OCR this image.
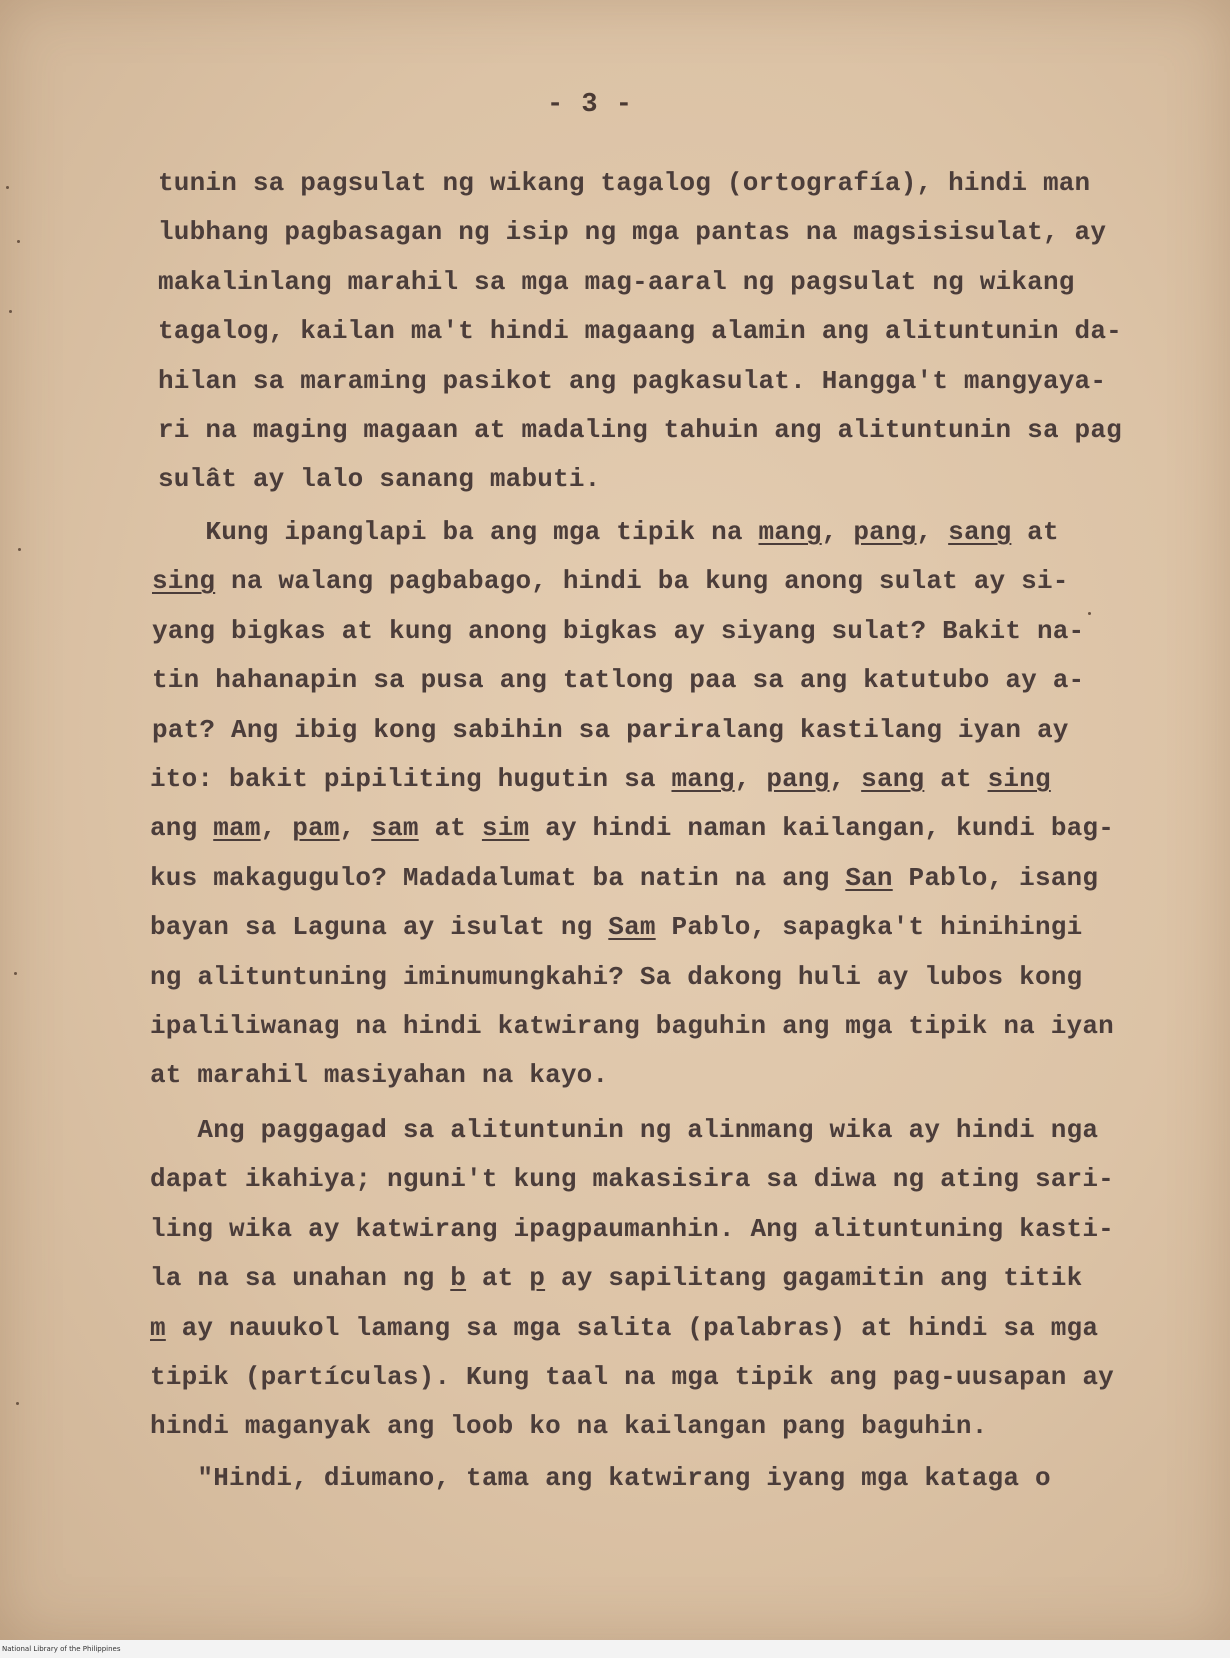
- 3 -
tunin sa pagsulat ng wikang tagalog (ortografía), hindi man
lubhang pagbasagan ng isip ng mga pantas na magsisisulat, ay
makalinlang marahil sa mga mag-aaral ng pagsulat ng wikang
tagalog, kailan ma't hindi magaang alamin ang alituntunin da-
hilan sa maraming pasikot ang pagkasulat. Hangga't mangyaya-
ri na maging magaan at madaling tahuin ang alituntunin sa pag
sulât ay lalo sanang mabuti.
Kung ipanglapi ba ang mga tipik na mang, pang, sang at
sing na walang pagbabago, hindi ba kung anong sulat ay si-
yang bigkas at kung anong bigkas ay siyang sulat? Bakit na-
tin hahanapin sa pusa ang tatlong paa sa ang katutubo ay a-
pat? Ang ibig kong sabihin sa pariralang kastilang iyan ay
ito: bakit pipiliting hugutin sa mang, pang, sang at sing
ang mam, pam, sam at sim ay hindi naman kailangan, kundi bag-
kus makagugulo? Madadalumat ba natin na ang San Pablo, isang
bayan sa Laguna ay isulat ng Sam Pablo, sapagka't hinihingi
ng alituntuning iminumungkahi? Sa dakong huli ay lubos kong
ipaliliwanag na hindi katwirang baguhin ang mga tipik na iyan
at marahil masiyahan na kayo.
Ang paggagad sa alituntunin ng alinmang wika ay hindi nga
dapat ikahiya; nguni't kung makasisira sa diwa ng ating sari-
ling wika ay katwirang ipagpaumanhin. Ang alituntuning kasti-
la na sa unahan ng b at p ay sapilitang gagamitin ang titik
m ay nauukol lamang sa mga salita (palabras) at hindi sa mga
tipik (partículas). Kung taal na mga tipik ang pag-uusapan ay
hindi maganyak ang loob ko na kailangan pang baguhin.
"Hindi, diumano, tama ang katwirang iyang mga kataga o
National Library of the Philippines
